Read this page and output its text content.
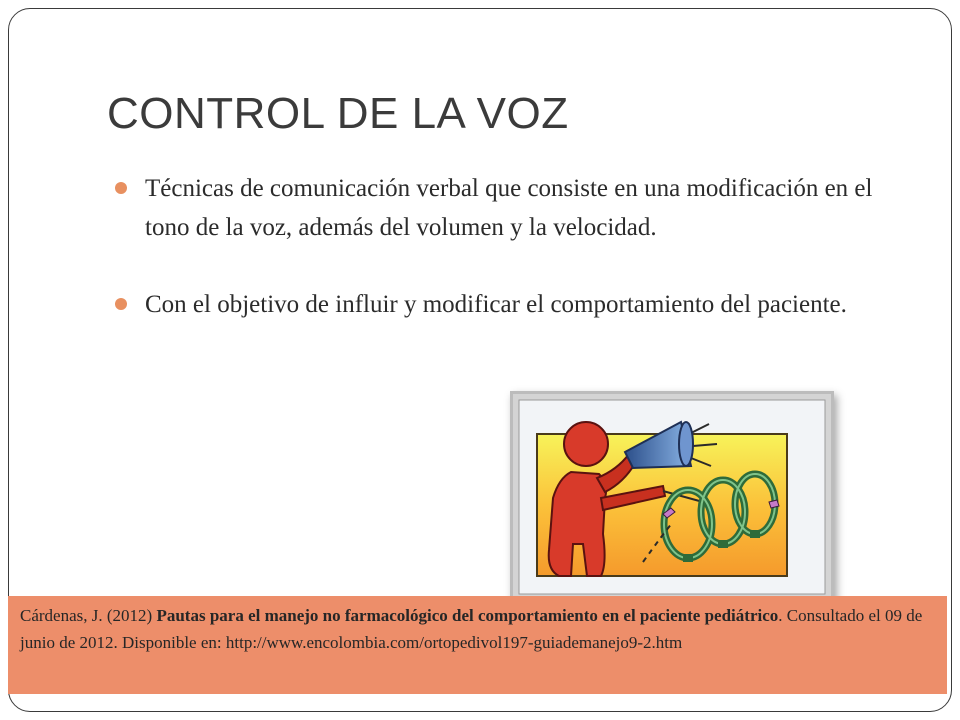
CONTROL DE LA VOZ
Técnicas de comunicación verbal que consiste en una modificación en el tono de la voz, además del volumen y la velocidad.
Con el objetivo de influir y modificar el comportamiento del paciente.
Cárdenas, J. (2012) Pautas para el manejo no farmacológico del comportamiento en el paciente pediátrico. Consultado el 09 de junio de 2012. Disponible en: http://www.encolombia.com/ortopedivol197-guiademanejo9-2.htm
